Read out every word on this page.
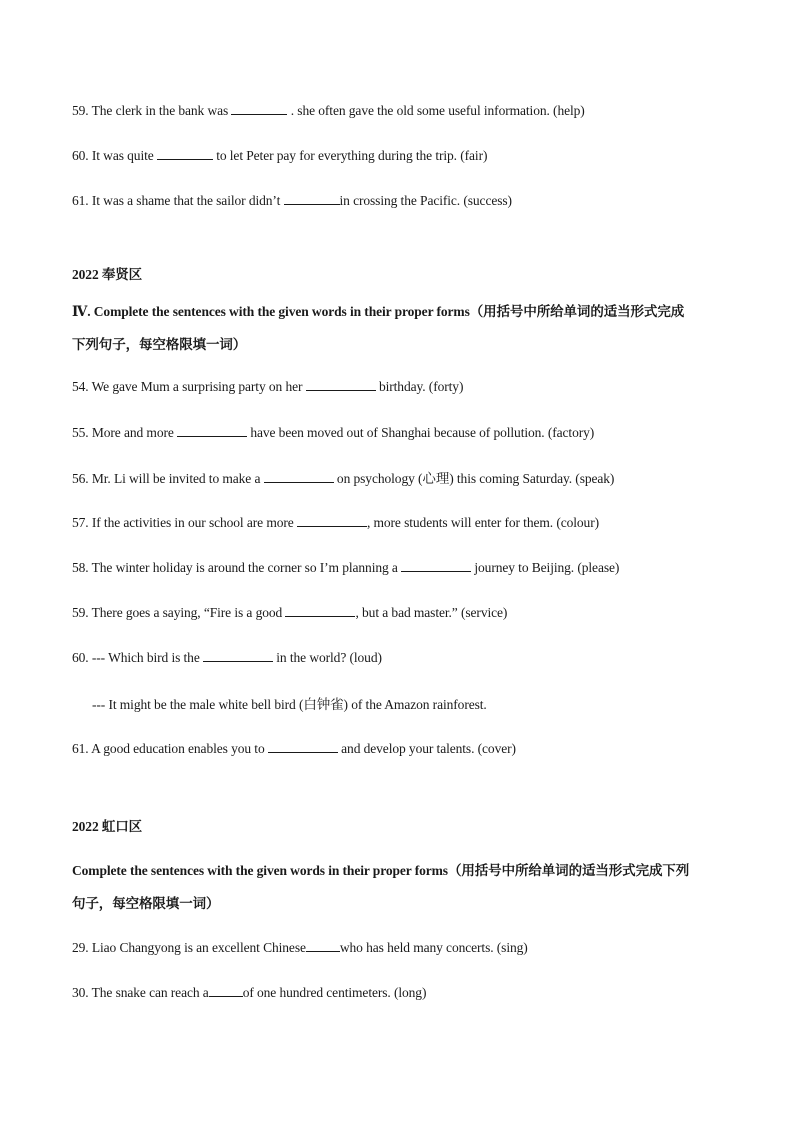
59. The clerk in the bank was	. she often gave the old some useful information. (help)
60. It was quite	to let Peter pay for everything during the trip. (fair)
61. It was a shame that the sailor didn’t	in crossing the Pacific. (success)
2022 奉贤区
Ⅳ. Complete the sentences with the given words in their proper forms（用括号中所给单词的适当形式完成
下列句子，每空格限填一词）
54. We gave Mum a surprising party on her	birthday. (forty)
55. More and more	have been moved out of Shanghai because of pollution. (factory)
56. Mr. Li will be invited to make a	on psychology (心理) this coming Saturday. (speak)
57. If the activities in our school are more	, more students will enter for them. (colour)
58. The winter holiday is around the corner so I’m planning a	journey to Beijing. (please)
59. There goes a saying, “Fire is a good	, but a bad master.” (service)
60. --- Which bird is the	in the world? (loud)
--- It might be the male white bell bird (白钟雀) of the Amazon rainforest.
61. A good education enables you to	and develop your talents. (cover)
2022 虹口区
Complete the sentences with the given words in their proper forms（用括号中所给单词的适当形式完成下列
句子，每空格限填一词）
29. Liao Changyong is an excellent Chinese	who has held many concerts. (sing)
30. The snake can reach a	of one hundred centimeters. (long)
